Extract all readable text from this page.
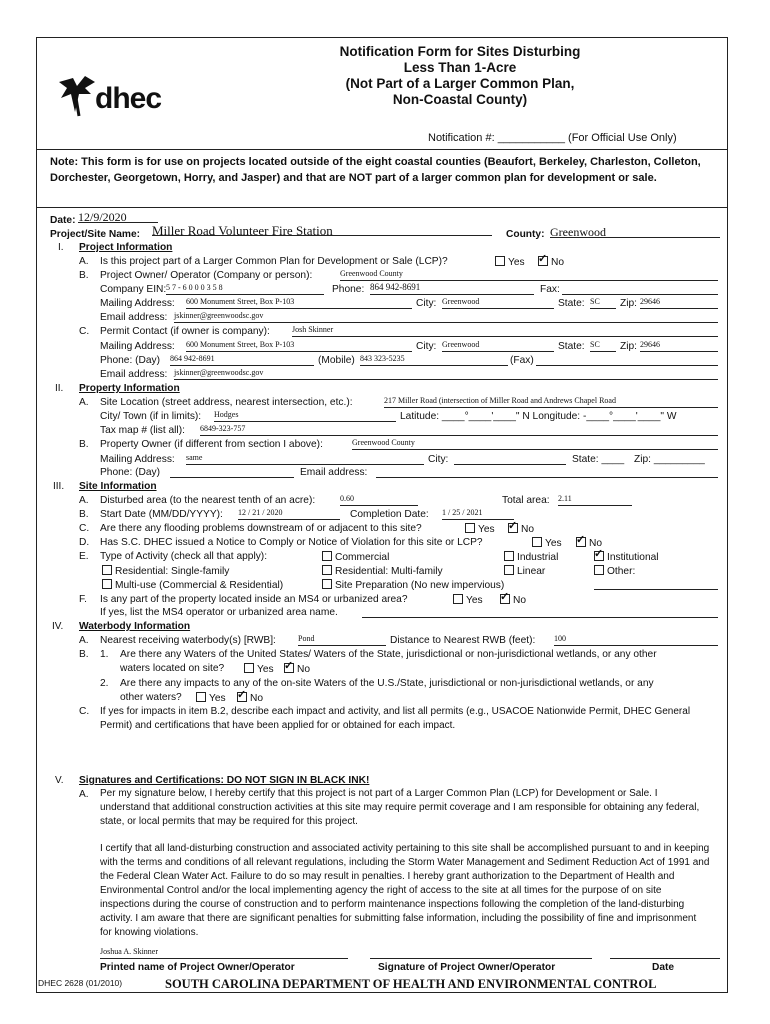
dhec
Notification Form for Sites Disturbing
Less Than 1-Acre
(Not Part of a Larger Common Plan,
Non-Coastal County)
Notification #: ___________ (For Official Use Only)
Note: This form is for use on projects located outside of the eight coastal counties (Beaufort, Berkeley, Charleston, Colleton, Dorchester, Georgetown, Horry, and Jasper) and that are NOT part of a larger common plan for development or sale.
Date: 12/9/2020
Project/Site Name: Miller Road Volunteer Fire Station	County: Greenwood
I. Project Information
A. Is this project part of a Larger Common Plan for Development or Sale (LCP)?	Yes ✓	No
B. Project Owner/ Operator (Company or person):	Greenwood County
Company EIN: 5 7 - 6 0 0 0 3 5 8	Phone: 864 942-8691	Fax:
Mailing Address: 600 Monument Street, Box P-103	City: Greenwood	State: SC	Zip: 29646
Email address: jskinner@greenwoodsc.gov
C. Permit Contact (if owner is company):	Josh Skinner
Mailing Address: 600 Monument Street, Box P-103	City: Greenwood	State: SC	Zip: 29646
Phone: (Day) 864 942-8691	(Mobile) 843 323-5235	(Fax)
Email address: jskinner@greenwoodsc.gov
II. Property Information
A. Site Location (street address, nearest intersection, etc.):	217 Miller Road (intersection of Miller Road and Andrews Chapel Road
City/ Town (if in limits): Hodges	Latitude: ____°____'____" N Longitude: -____°____'____" W
Tax map # (list all): 6849-323-757
B. Property Owner (if different from section I above):	Greenwood County
Mailing Address: same	City:	State: ____ Zip: _________
Phone: (Day)	Email address:
III. Site Information
A. Disturbed area (to the nearest tenth of an acre):	0.60	Total area: 2.11
B. Start Date (MM/DD/YYYY): 12 / 21 / 2020	Completion Date: 1 / 25 / 2021
C. Are there any flooding problems downstream of or adjacent to this site?	Yes ✓	No
D. Has S.C. DHEC issued a Notice to Comply or Notice of Violation for this site or LCP?	Yes ✓	No
E. Type of Activity (check all that apply):	Commercial	Industrial ✓	Institutional
Residential: Single-family	Residential: Multi-family	Linear	Other:
Multi-use (Commercial & Residential)	Site Preparation (No new impervious)
F. Is any part of the property located inside an MS4 or urbanized area?	Yes ✓	No
If yes, list the MS4 operator or urbanized area name.
IV. Waterbody Information
A. Nearest receiving waterbody(s) [RWB]:	Pond	Distance to Nearest RWB (feet): 100
B. 1. Are there any Waters of the United States/ Waters of the State, jurisdictional or non-jurisdictional wetlands, or any other
waters located on site?	Yes ✓	No
2. Are there any impacts to any of the on-site Waters of the U.S./State, jurisdictional or non-jurisdictional wetlands, or any
other waters?	Yes ✓	No
C. If yes for impacts in item B.2, describe each impact and activity, and list all permits (e.g., USACOE Nationwide Permit, DHEC General Permit) and certifications that have been applied for or obtained for each impact.
V. Signatures and Certifications: DO NOT SIGN IN BLACK INK!
A. Per my signature below, I hereby certify that this project is not part of a Larger Common Plan (LCP) for Development or Sale. I understand that additional construction activities at this site may require permit coverage and I am responsible for obtaining any federal, state, or local permits that may be required for this project.
I certify that all land-disturbing construction and associated activity pertaining to this site shall be accomplished pursuant to and in keeping with the terms and conditions of all relevant regulations, including the Storm Water Management and Sediment Reduction Act of 1991 and the Federal Clean Water Act. Failure to do so may result in penalties. I hereby grant authorization to the Department of Health and Environmental Control and/or the local implementing agency the right of access to the site at all times for the purpose of on site inspections during the course of construction and to perform maintenance inspections following the completion of the land-disturbing activity. I am aware that there are significant penalties for submitting false information, including the possibility of fine and imprisonment for knowing violations.
Joshua A. Skinner
Printed name of Project Owner/Operator	Signature of Project Owner/Operator	Date
DHEC 2628 (01/2010)	SOUTH CAROLINA DEPARTMENT OF HEALTH AND ENVIRONMENTAL CONTROL
